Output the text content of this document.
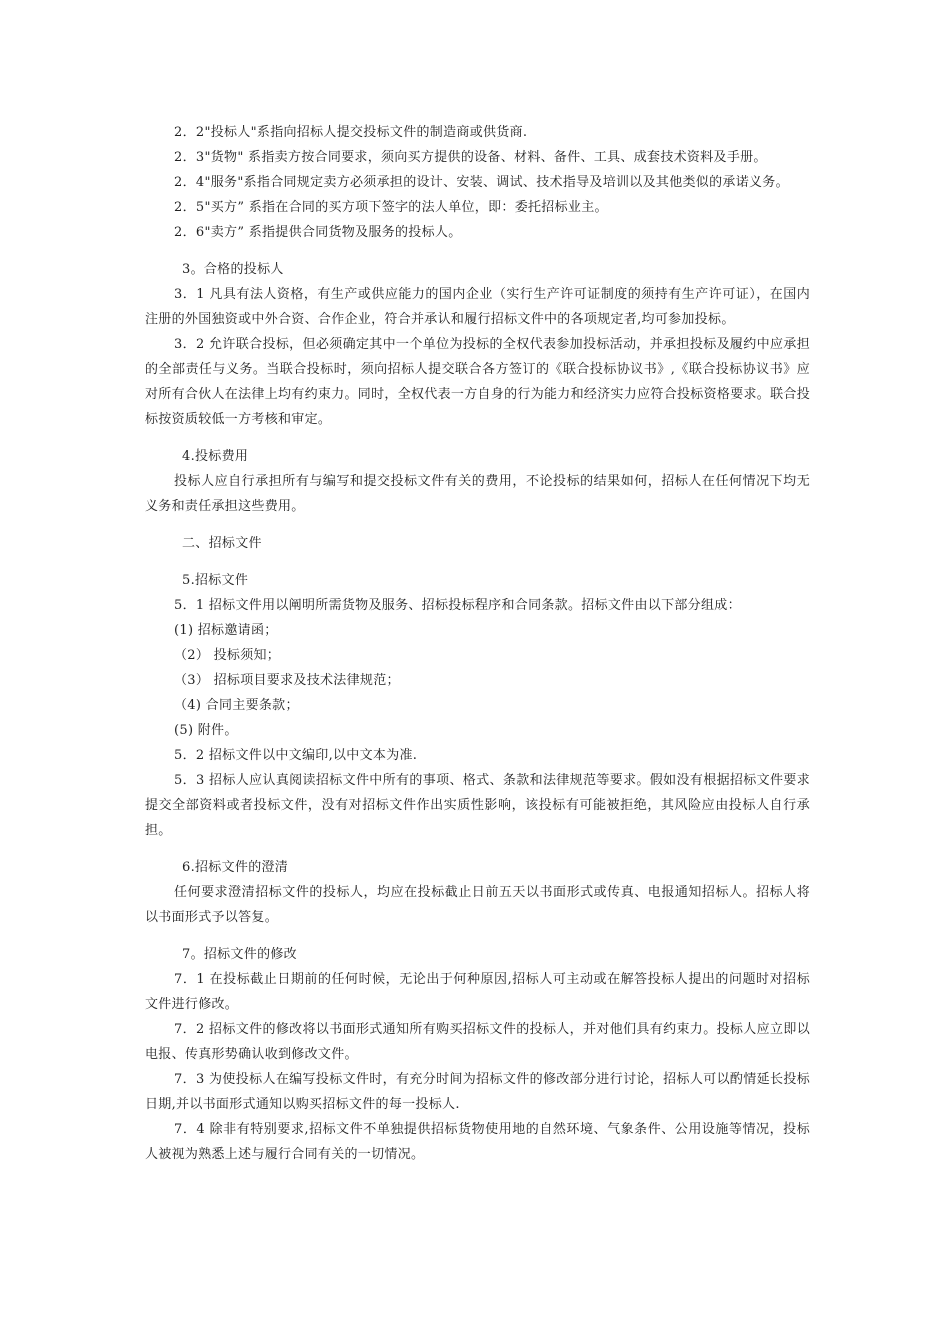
2．2"投标人"系指向招标人提交投标文件的制造商或供货商.

2．3"货物" 系指卖方按合同要求，须向买方提供的设备、材料、备件、工具、成套技术资料及手册。

2．4"服务"系指合同规定卖方必须承担的设计、安装、调试、技术指导及培训以及其他类似的承诺义务。

2．5"买方” 系指在合同的买方项下签字的法人单位，即：委托招标业主。

2．6"卖方” 系指提供合同货物及服务的投标人。

3。合格的投标人

3．1 凡具有法人资格，有生产或供应能力的国内企业（实行生产许可证制度的须持有生产许可证），在国内注册的外国独资或中外合资、合作企业，符合并承认和履行招标文件中的各项规定者,均可参加投标。

3．2 允许联合投标，但必须确定其中一个单位为投标的全权代表参加投标活动，并承担投标及履约中应承担的全部责任与义务。当联合投标时，须向招标人提交联合各方签订的《联合投标协议书》,《联合投标协议书》应对所有合伙人在法律上均有约束力。同时，全权代表一方自身的行为能力和经济实力应符合投标资格要求。联合投标按资质较低一方考核和审定。

4.投标费用

投标人应自行承担所有与编写和提交投标文件有关的费用，不论投标的结果如何，招标人在任何情况下均无义务和责任承担这些费用。

二、招标文件

5.招标文件

5．1 招标文件用以阐明所需货物及服务、招标投标程序和合同条款。招标文件由以下部分组成：

(1) 招标邀请函；

（2） 投标须知；

（3） 招标项目要求及技术法律规范；

（4) 合同主要条款；

(5) 附件。

5．2 招标文件以中文编印,以中文本为准.

5．3 招标人应认真阅读招标文件中所有的事项、格式、条款和法律规范等要求。假如没有根据招标文件要求提交全部资料或者投标文件，没有对招标文件作出实质性影响，该投标有可能被拒绝，其风险应由投标人自行承担。

6.招标文件的澄清

任何要求澄清招标文件的投标人，均应在投标截止日前五天以书面形式或传真、电报通知招标人。招标人将以书面形式予以答复。

7。招标文件的修改

7．1 在投标截止日期前的任何时候，无论出于何种原因,招标人可主动或在解答投标人提出的问题时对招标文件进行修改。

7．2 招标文件的修改将以书面形式通知所有购买招标文件的投标人，并对他们具有约束力。投标人应立即以电报、传真形势确认收到修改文件。

7．3 为使投标人在编写投标文件时，有充分时间为招标文件的修改部分进行讨论，招标人可以酌情延长投标日期,并以书面形式通知以购买招标文件的每一投标人.

7．4 除非有特别要求,招标文件不单独提供招标货物使用地的自然环境、气象条件、公用设施等情况，投标人被视为熟悉上述与履行合同有关的一切情况。
